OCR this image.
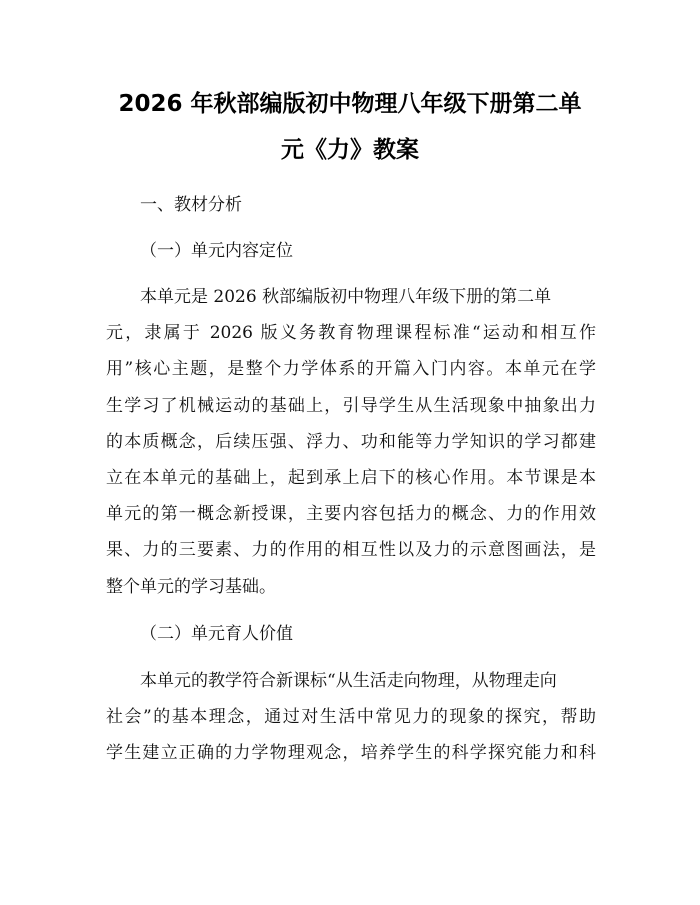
2026 年秋部编版初中物理八年级下册第二单
元《力》教案
一、教材分析
（一）单元内容定位
本单元是 2026 秋部编版初中物理八年级下册的第二单
元，隶属于 2026 版义务教育物理课程标准“运动和相互作
用”核心主题，是整个力学体系的开篇入门内容。本单元在学
生学习了机械运动的基础上，引导学生从生活现象中抽象出力
的本质概念，后续压强、浮力、功和能等力学知识的学习都建
立在本单元的基础上，起到承上启下的核心作用。本节课是本
单元的第一概念新授课，主要内容包括力的概念、力的作用效
果、力的三要素、力的作用的相互性以及力的示意图画法，是
整个单元的学习基础。
（二）单元育人价值
本单元的教学符合新课标“从生活走向物理，从物理走向
社会”的基本理念，通过对生活中常见力的现象的探究，帮助
学生建立正确的力学物理观念，培养学生的科学探究能力和科
